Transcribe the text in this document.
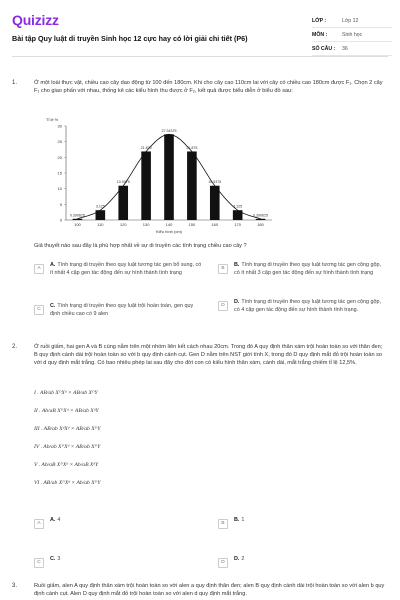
Quizizz
Bài tập Quy luật di truyền Sinh học 12 cực hay có lời giải chi tiết (P6)
LỚP :	Lớp 12
MÔN :	Sinh học
SỐ CÂU :	36
1.	Ở một loài thực vật, chiều cao cây dao động từ 100 đến 180cm. Khi cho cây cao 110cm lai với cây có chiều cao 180cm được F₁. Chọn 2 cây F₁ cho giao phấn với nhau, thống kê các kiểu hình thu được ở F₂, kết quả được biểu diễn ở biểu đồ sau:
Tỉ lệ %
0
5
10
15
20
25
30
0.390625
100
3.125
110
10.9375
120
21.875
130
27.34375
140
21.875
150
10.9375
160
3.125
170
0.390625
180
Kiểu hình (cm)
Giả thuyết nào sau đây là phù hợp nhất về sự di truyền các tính trạng chiều cao cây ?
A
A. Tính trạng di truyền theo quy luật tương tác gen bổ sung, có ít nhất 4 cặp gen tác động đến sự hình thành tính trạng
B
B. Tính trạng di truyền theo quy luật tương tác gen cộng gộp, có ít nhất 3 cặp gen tác động đến sự hình thành tính trạng
C
C. Tính trạng di truyền theo quy luật trội hoàn toàn, gen quy định chiều cao có 9 alen
D
D. Tính trạng di truyền theo quy luật tương tác gen cộng gộp, có 4 cặp gen tác động đến sự hình thành tính trạng.
2.	Ở ruồi giấm, hai gen A và B cùng nằm trên một nhóm liên kết cách nhau 20cm. Trong đó A quy định thân xám trội hoàn toàn so với thân đen; B quy định cánh dài trội hoàn toàn so với b quy định cánh cụt. Gen D nằm trên NST giới tính X, trong đó D quy định mắt đỏ trội hoàn toàn so với d quy định mắt trắng. Có bao nhiêu phép lai sau đây cho đời con có kiểu hình thân xám, cánh dài, mắt trắng chiếm tỉ lệ 12,5%.
I . AB/ab XᴰXᵈ × AB/ab XᴰY
II . Ab/aB XᴰXᵈ × AB/ab XᵈY
III . AB/ab XᵈXᵈ × AB/ab XᴰY
IV . Ab/ab XᴰXᵈ × AB/ab XᴰY
V . Ab/aB XᴰXᵈ × Ab/aB XᵈY
VI . AB/ab XᴰXᵈ × Ab/ab XᴰY
A
A. 4
B
B. 1
C
C. 3
D
D. 2
3.	Ruồi giấm, alen A quy định thân xám trội hoàn toàn so với alen a quy định thân đen; alen B quy định cánh dài trội hoàn toàn so với alen b quy định cánh cụt. Alen D quy định mắt đỏ trội hoàn toàn so với alen d quy định mắt trắng.
